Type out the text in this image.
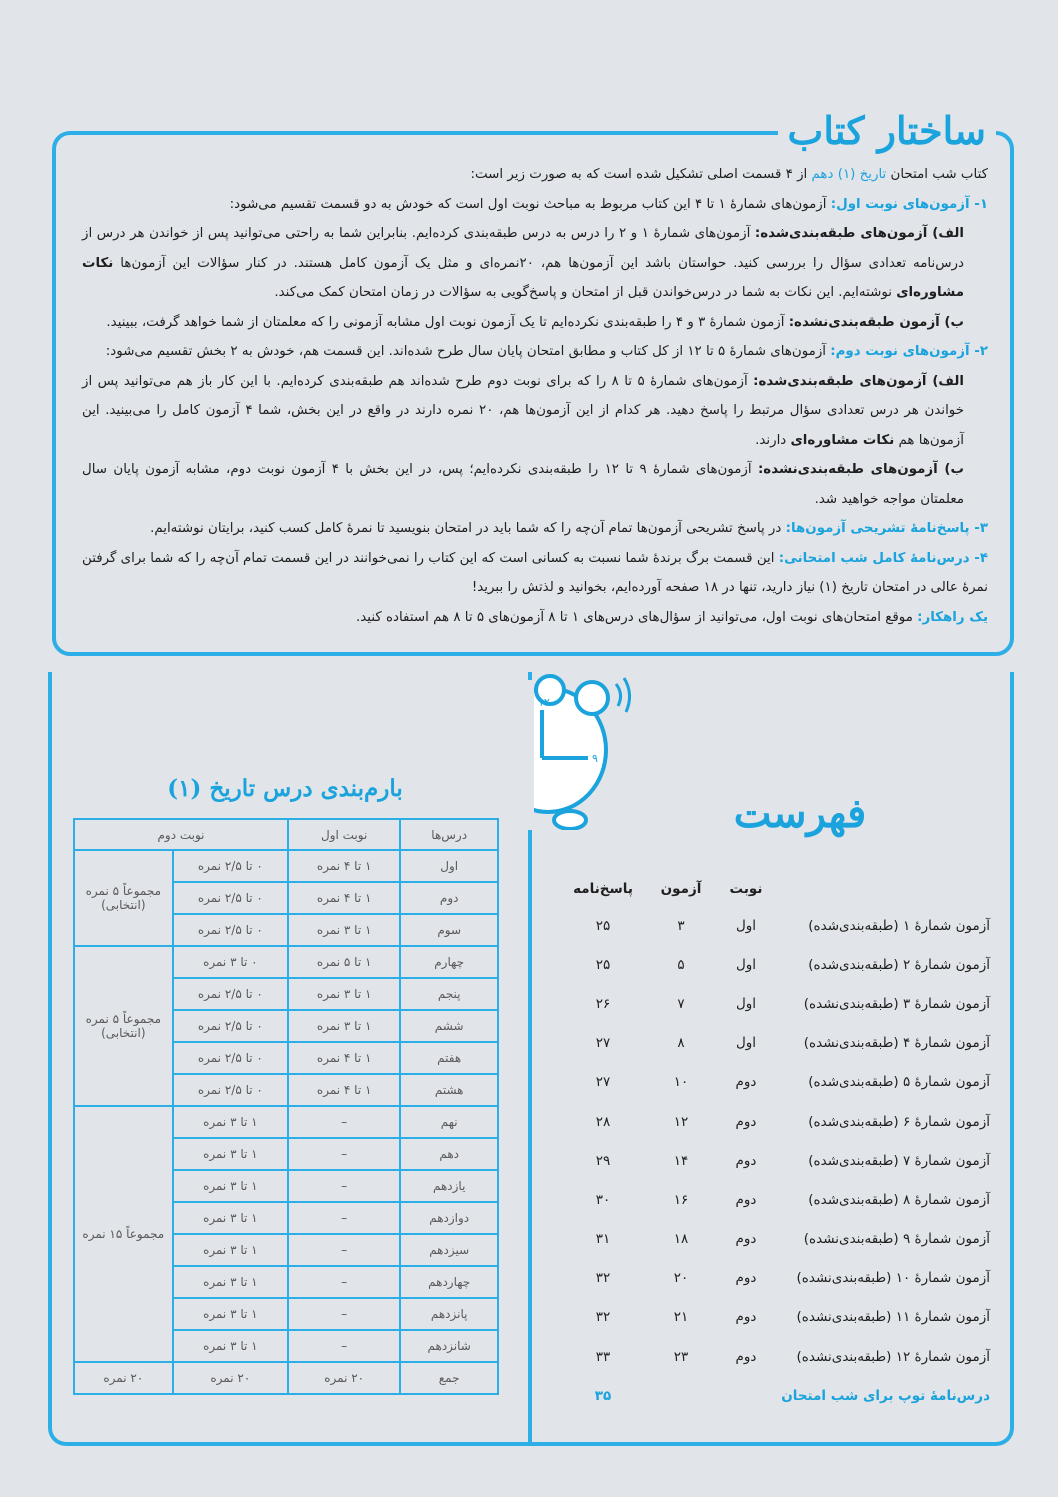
ساختار کتاب

کتاب شب امتحان تاریخ (۱) دهم از ۴ قسمت اصلی تشکیل شده است که به صورت زیر است:

۱- آزمون‌های نوبت اول: آزمون‌های شمارهٔ ۱ تا ۴ این کتاب مربوط به مباحث نوبت اول است که خودش به دو قسمت تقسیم می‌شود:

الف) آزمون‌های طبقه‌بندی‌شده: آزمون‌های شمارهٔ ۱ و ۲ را درس به درس طبقه‌بندی کرده‌ایم. بنابراین شما به راحتی می‌توانید پس از خواندن هر درس از درس‌نامه تعدادی سؤال را بررسی کنید. حواستان باشد این آزمون‌ها هم، ۲۰نمره‌ای و مثل یک آزمون کامل هستند. در کنار سؤالات این آزمون‌ها نکات مشاوره‌ای نوشته‌ایم. این نکات به شما در درس‌خواندن قبل از امتحان و پاسخ‌گویی به سؤالات در زمان امتحان کمک می‌کند.

ب) آزمون طبقه‌بندی‌نشده: آزمون شمارهٔ ۳ و ۴ را طبقه‌بندی نکرده‌ایم تا یک آزمون نوبت اول مشابه آزمونی را که معلمتان از شما خواهد گرفت، ببینید.

۲- آزمون‌های نوبت دوم: آزمون‌های شمارهٔ ۵ تا ۱۲ از کل کتاب و مطابق امتحان پایان سال طرح شده‌اند. این قسمت هم، خودش به ۲ بخش تقسیم می‌شود:

الف) آزمون‌های طبقه‌بندی‌شده: آزمون‌های شمارهٔ ۵ تا ۸ را که برای نوبت دوم طرح شده‌اند هم طبقه‌بندی کرده‌ایم. با این کار باز هم می‌توانید پس از خواندن هر درس تعدادی سؤال مرتبط را پاسخ دهید. هر کدام از این آزمون‌ها هم، ۲۰ نمره دارند در واقع در این بخش، شما ۴ آزمون کامل را می‌بینید. این آزمون‌ها هم نکات مشاوره‌ای دارند.

ب) آزمون‌های طبقه‌بندی‌نشده: آزمون‌های شمارهٔ ۹ تا ۱۲ را طبقه‌بندی نکرده‌ایم؛ پس، در این بخش با ۴ آزمون نوبت دوم، مشابه آزمون پایان سال معلمتان مواجه خواهید شد.

۳- پاسخ‌نامهٔ تشریحی آزمون‌ها: در پاسخ تشریحی آزمون‌ها تمام آن‌چه را که شما باید در امتحان بنویسید تا نمرهٔ کامل کسب کنید، برایتان نوشته‌ایم.

۴- درس‌نامهٔ کامل شب امتحانی: این قسمت برگ برندهٔ شما نسبت به کسانی است که این کتاب را نمی‌خوانند در این قسمت تمام آن‌چه را که شما برای گرفتن نمرهٔ عالی در امتحان تاریخ (۱) نیاز دارید، تنها در ۱۸ صفحه آورده‌ایم، بخوانید و لذتش را ببرید!

یک راهکار: موقع امتحان‌های نوبت اول، می‌توانید از سؤال‌های درس‌های ۱ تا ۸ آزمون‌های ۵ تا ۸ هم استفاده کنید.

۱۲
۹
بارم‌بندی درس تاریخ (۱)
درس‌ها	نوبت اول	نوبت دوم	
اول	۱ تا ۴ نمره	۰ تا ۲/۵ نمره	مجموعاً ۵ نمره
(انتخابی)

دوم	۱ تا ۴ نمره	۰ تا ۲/۵ نمره	
سوم	۱ تا ۳ نمره	۰ تا ۲/۵ نمره	
چهارم	۱ تا ۵ نمره	۰ تا ۳ نمره	مجموعاً ۵ نمره
(انتخابی)

پنجم	۱ تا ۳ نمره	۰ تا ۲/۵ نمره	
ششم	۱ تا ۳ نمره	۰ تا ۲/۵ نمره	
هفتم	۱ تا ۴ نمره	۰ تا ۲/۵ نمره	
هشتم	۱ تا ۴ نمره	۰ تا ۲/۵ نمره	
نهم	–	۱ تا ۳ نمره	مجموعاً ۱۵ نمره
دهم	–	۱ تا ۳ نمره	
یازدهم	–	۱ تا ۳ نمره	
دوازدهم	–	۱ تا ۳ نمره	
سیزدهم	–	۱ تا ۳ نمره	
چهاردهم	–	۱ تا ۳ نمره	
پانزدهم	–	۱ تا ۳ نمره	
شانزدهم	–	۱ تا ۳ نمره	
جمع	۲۰ نمره	۲۰ نمره	۲۰ نمره
فهرست
	نوبت	آزمون	پاسخ‌نامه
آزمون شمارهٔ ۱ (طبقه‌بندی‌شده)	اول	۳	۲۵
آزمون شمارهٔ ۲ (طبقه‌بندی‌شده)	اول	۵	۲۵
آزمون شمارهٔ ۳ (طبقه‌بندی‌نشده)	اول	۷	۲۶
آزمون شمارهٔ ۴ (طبقه‌بندی‌نشده)	اول	۸	۲۷
آزمون شمارهٔ ۵ (طبقه‌بندی‌شده)	دوم	۱۰	۲۷
آزمون شمارهٔ ۶ (طبقه‌بندی‌شده)	دوم	۱۲	۲۸
آزمون شمارهٔ ۷ (طبقه‌بندی‌شده)	دوم	۱۴	۲۹
آزمون شمارهٔ ۸ (طبقه‌بندی‌شده)	دوم	۱۶	۳۰
آزمون شمارهٔ ۹ (طبقه‌بندی‌نشده)	دوم	۱۸	۳۱
آزمون شمارهٔ ۱۰ (طبقه‌بندی‌نشده)	دوم	۲۰	۳۲
آزمون شمارهٔ ۱۱ (طبقه‌بندی‌نشده)	دوم	۲۱	۳۲
آزمون شمارهٔ ۱۲ (طبقه‌بندی‌نشده)	دوم	۲۳	۳۳
درس‌نامهٔ توپ برای شب امتحان			۳۵
